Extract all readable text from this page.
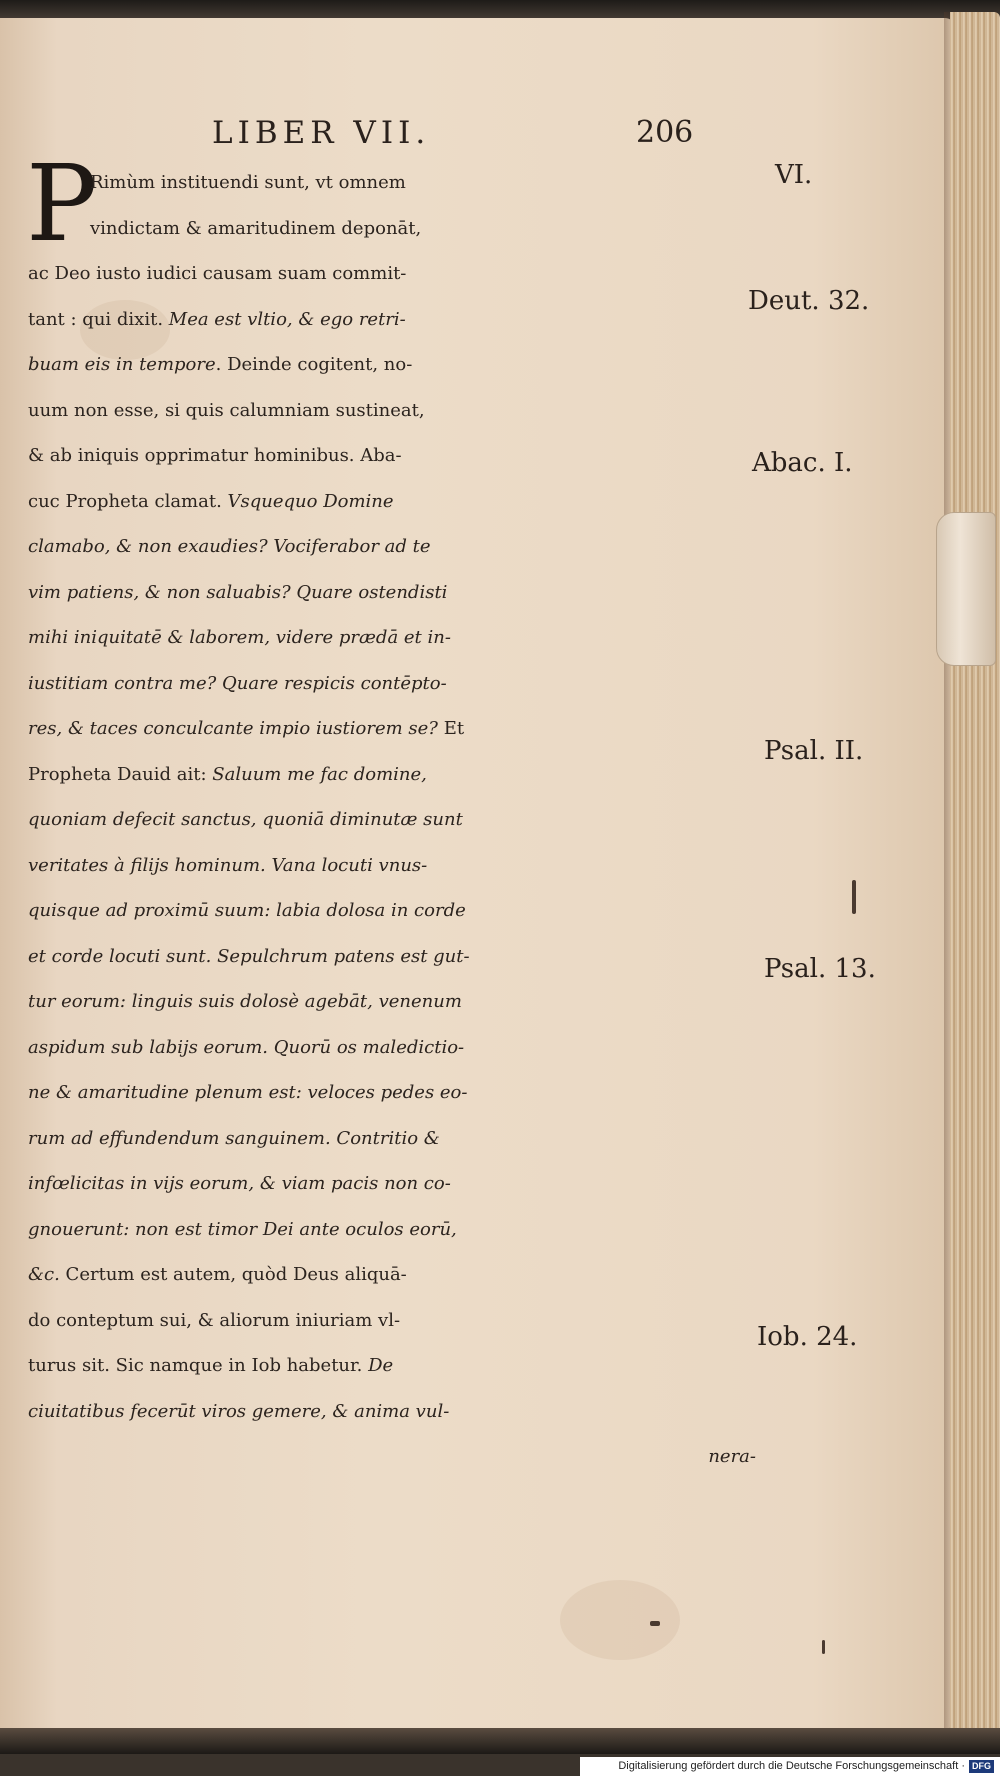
LIBER VII.	206
P
Rimùm instituendi sunt, vt omnem
vindictam & amaritudinem deponāt,
ac Deo iusto iudici causam suam commit-
tant : qui dixit. Mea est vltio, & ego retri-
buam eis in tempore. Deinde cogitent, no-
uum non esse, si quis calumniam sustineat,
& ab iniquis opprimatur hominibus. Aba-
cuc Propheta clamat. Vsquequo Domine
clamabo, & non exaudies? Vociferabor ad te
vim patiens, & non saluabis? Quare ostendisti
mihi iniquitatē & laborem, videre prædā et in-
iustitiam contra me? Quare respicis contēpto-
res, & taces conculcante impio iustiorem se? Et
Propheta Dauid ait: Saluum me fac domine,
quoniam defecit sanctus, quoniā diminutæ sunt
veritates à filijs hominum. Vana locuti vnus-
quisque ad proximū suum: labia dolosa in corde
et corde locuti sunt. Sepulchrum patens est gut-
tur eorum: linguis suis dolosè agebāt, venenum
aspidum sub labijs eorum. Quorū os maledictio-
ne & amaritudine plenum est: veloces pedes eo-
rum ad effundendum sanguinem. Contritio &
infœlicitas in vijs eorum, & viam pacis non co-
gnouerunt: non est timor Dei ante oculos eorū,
&c. Certum est autem, quòd Deus aliquā-
do conteptum sui, & aliorum iniuriam vl-
turus sit. Sic namque in Iob habetur. De
ciuitatibus fecerūt viros gemere, & anima vul-
nera-
VI.
Deut. 32.
Abac. I.
Psal. II.
Psal. 13.
Iob. 24.
Digitalisierung gefördert durch die Deutsche Forschungsgemeinschaft · DFG
